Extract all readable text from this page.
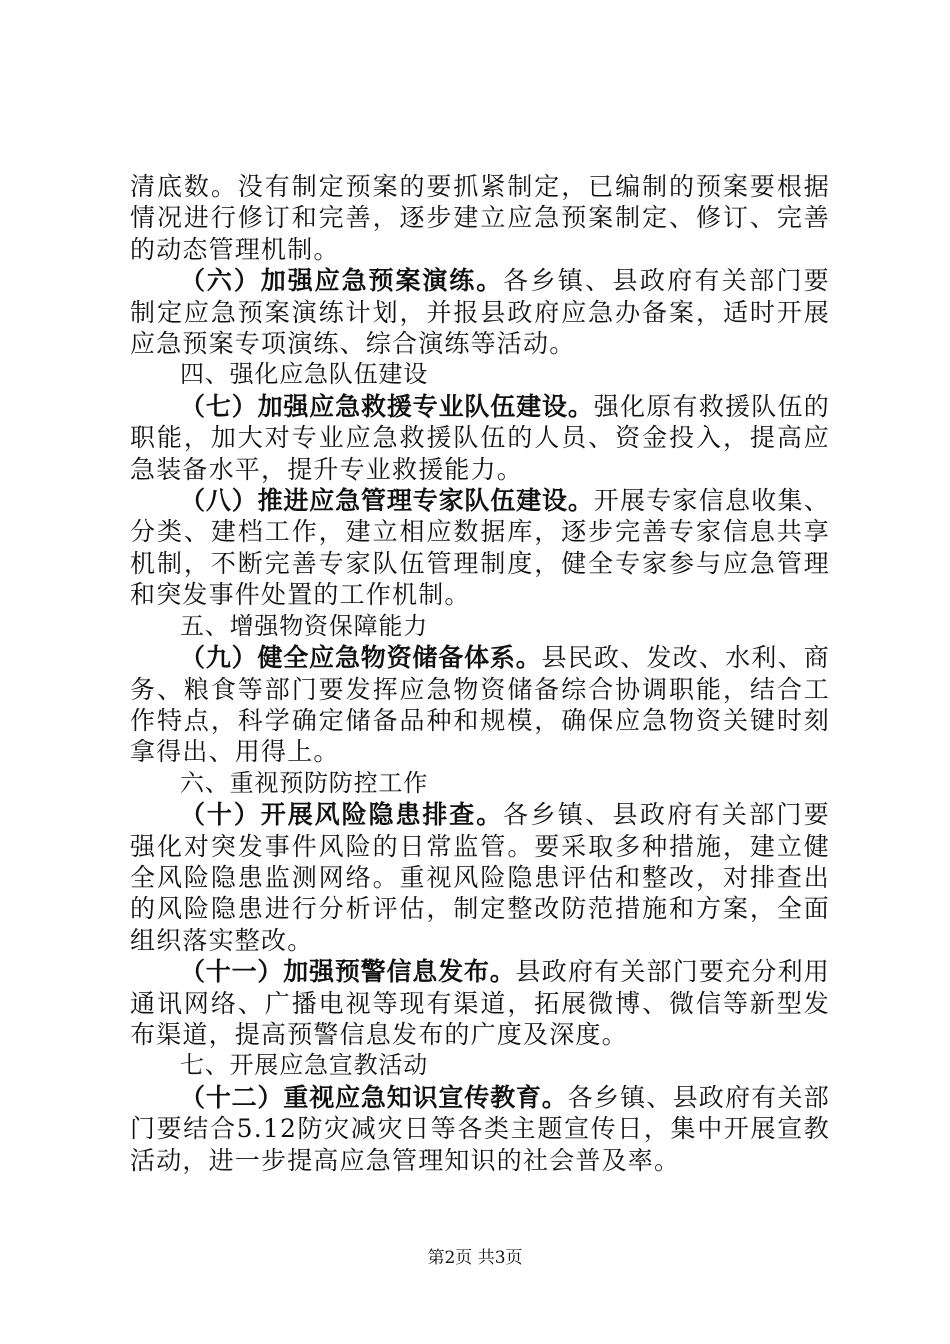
清底数。没有制定预案的要抓紧制定，已编制的预案要根据情况进行修订和完善，逐步建立应急预案制定、修订、完善的动态管理机制。

（六）加强应急预案演练。各乡镇、县政府有关部门要制定应急预案演练计划，并报县政府应急办备案，适时开展应急预案专项演练、综合演练等活动。

四、强化应急队伍建设

（七）加强应急救援专业队伍建设。强化原有救援队伍的职能，加大对专业应急救援队伍的人员、资金投入，提高应急装备水平，提升专业救援能力。

（八）推进应急管理专家队伍建设。开展专家信息收集、分类、建档工作，建立相应数据库，逐步完善专家信息共享机制，不断完善专家队伍管理制度，健全专家参与应急管理和突发事件处置的工作机制。

五、增强物资保障能力

（九）健全应急物资储备体系。县民政、发改、水利、商务、粮食等部门要发挥应急物资储备综合协调职能，结合工作特点，科学确定储备品种和规模，确保应急物资关键时刻拿得出、用得上。

六、重视预防防控工作

（十）开展风险隐患排查。各乡镇、县政府有关部门要强化对突发事件风险的日常监管。要采取多种措施，建立健全风险隐患监测网络。重视风险隐患评估和整改，对排查出的风险隐患进行分析评估，制定整改防范措施和方案，全面组织落实整改。

（十一）加强预警信息发布。县政府有关部门要充分利用通讯网络、广播电视等现有渠道，拓展微博、微信等新型发布渠道，提高预警信息发布的广度及深度。

七、开展应急宣教活动

（十二）重视应急知识宣传教育。各乡镇、县政府有关部门要结合5.12防灾减灾日等各类主题宣传日，集中开展宣教活动，进一步提高应急管理知识的社会普及率。

第2页 共3页
